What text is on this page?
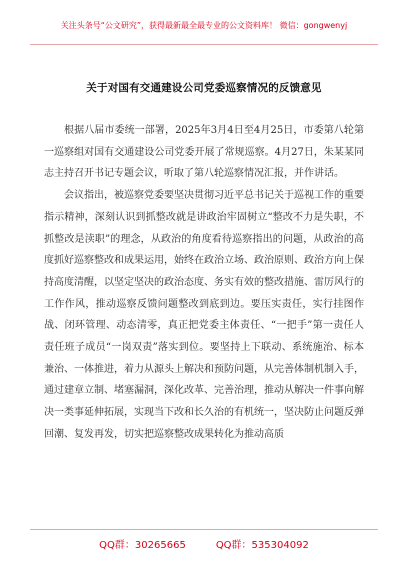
关注头条号“公文研究”，获得最新最全最专业的公文资料库！ 微信：gongwenyj
关于对国有交通建设公司党委巡察情况的反馈意见

根据八届市委统一部署，2025年3月4日至4月25日，市委第八轮第一巡察组对国有交通建设公司党委开展了常规巡察。4月27日，朱某某同志主持召开书记专题会议，听取了第八轮巡察情况汇报，并作讲话。

会议指出，被巡察党委要坚决贯彻习近平总书记关于巡视工作的重要指示精神，深刻认识到抓整改就是讲政治牢固树立“整改不力是失职，不抓整改是渎职”的理念，从政治的角度看待巡察指出的问题，从政治的高度抓好巡察整改和成果运用，始终在政治立场、政治原则、政治方向上保持高度清醒，以坚定坚决的政治态度、务实有效的整改措施、雷厉风行的工作作风，推动巡察反馈问题整改到底到边。要压实责任，实行挂图作战、闭环管理、动态清零，真正把党委主体责任、“一把手”第一责任人责任班子成员“一岗双责”落实到位。要坚持上下联动、系统施治、标本兼治、一体推进，着力从源头上解决和预防问题，从完善体制机制入手，通过建章立制、堵塞漏洞，深化改革、完善治理，推动从解决一件事向解决一类事延伸拓展，实现当下改和长久治的有机统一，坚决防止问题反弹回潮、复发再发，切实把巡察整改成果转化为推动高质

QQ群：30265665	QQ群：535304092
